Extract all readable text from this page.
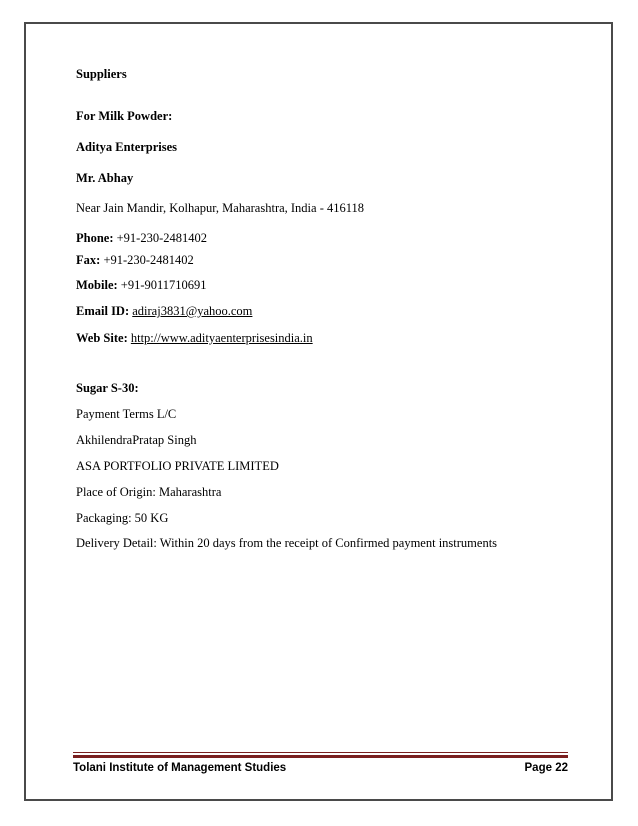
Suppliers
For Milk Powder:
Aditya Enterprises
Mr. Abhay
Near Jain Mandir, Kolhapur, Maharashtra, India - 416118
Phone: +91-230-2481402
Fax: +91-230-2481402
Mobile: +91-9011710691
Email ID: adiraj3831@yahoo.com
Web Site: http://www.adityaenterprisesindia.in
Sugar S-30:
Payment Terms L/C
AkhilendraPratap Singh
ASA PORTFOLIO PRIVATE LIMITED
Place of Origin: Maharashtra
Packaging: 50 KG
Delivery Detail: Within 20 days from the receipt of Confirmed payment instruments
Tolani Institute of Management Studies	Page 22
